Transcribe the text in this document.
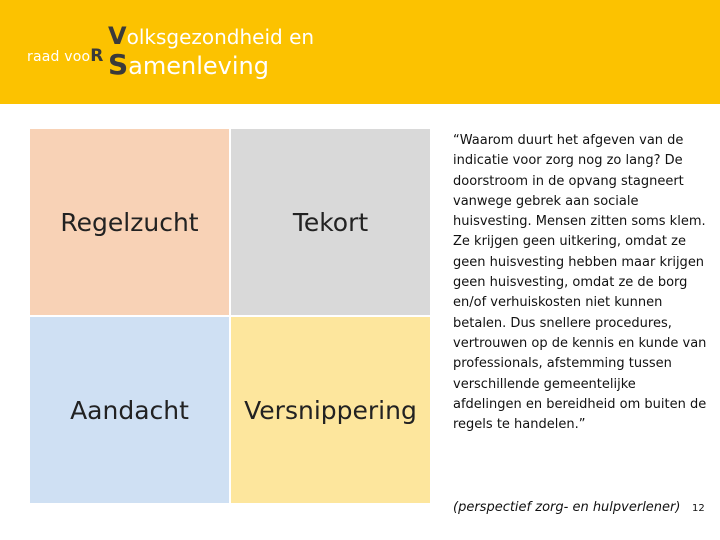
raad vooR
Volksgezondheid en
Samenleving
Regelzucht	Tekort
Aandacht	Versnippering
“Waarom duurt het afgeven van de indicatie voor zorg nog zo lang? De doorstroom in de opvang stagneert vanwege gebrek aan sociale huisvesting. Mensen zitten soms klem. Ze krijgen geen uitkering, omdat ze geen huisvesting hebben maar krijgen geen huisvesting, omdat ze de borg en/of verhuiskosten niet kunnen betalen. Dus snellere procedures, vertrouwen op de kennis en kunde van professionals, afstemming tussen verschillende gemeentelijke afdelingen en bereidheid om buiten de regels te handelen.”
(perspectief zorg- en hulpverlener) 12
